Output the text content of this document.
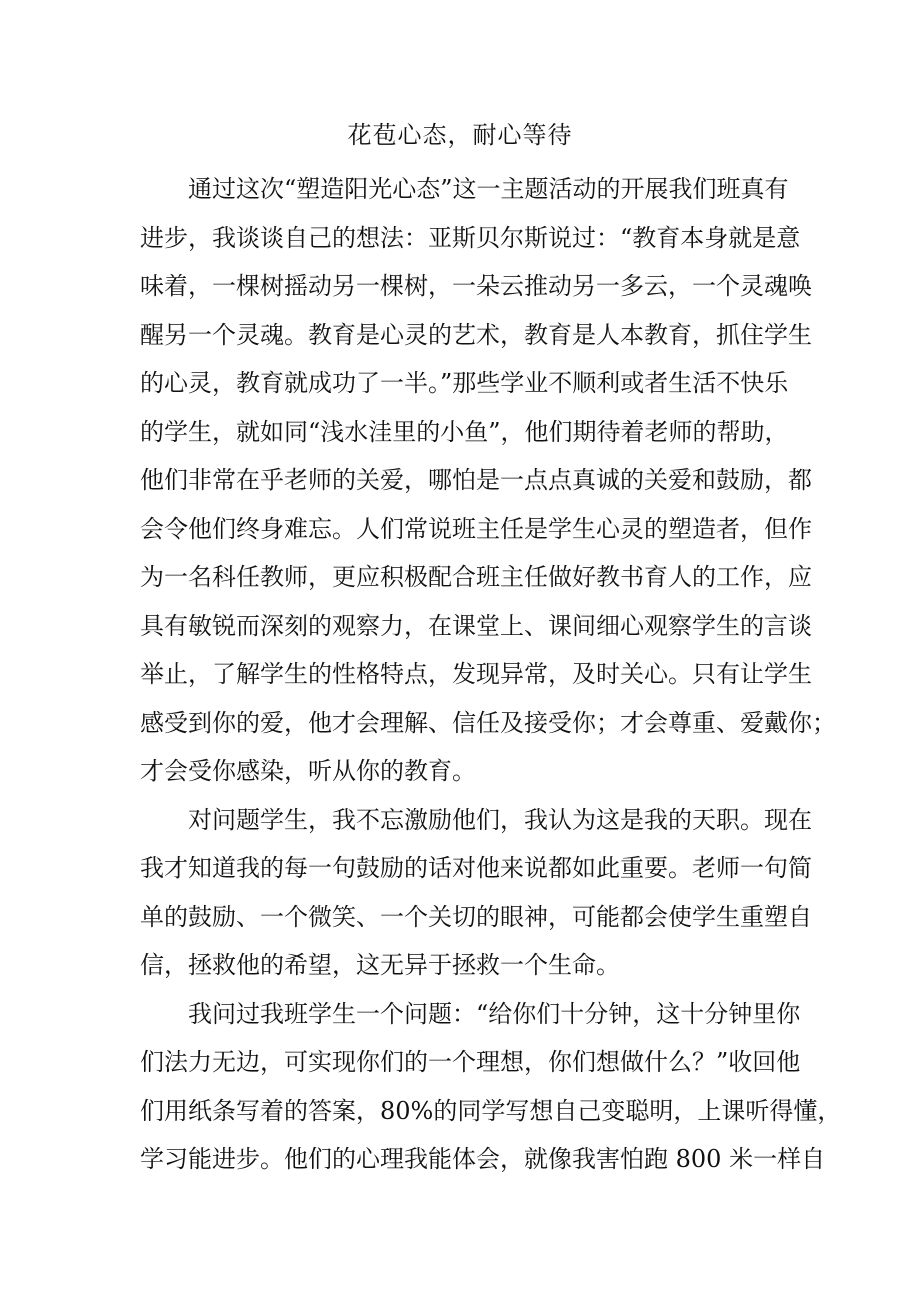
花苞心态，耐心等待
通过这次“塑造阳光心态”这一主题活动的开展我们班真有
进步，我谈谈自己的想法：亚斯贝尔斯说过：“教育本身就是意
味着，一棵树摇动另一棵树，一朵云推动另一多云，一个灵魂唤
醒另一个灵魂。教育是心灵的艺术，教育是人本教育，抓住学生
的心灵，教育就成功了一半。”那些学业不顺利或者生活不快乐
的学生，就如同“浅水洼里的小鱼”，他们期待着老师的帮助，
他们非常在乎老师的关爱，哪怕是一点点真诚的关爱和鼓励，都
会令他们终身难忘。人们常说班主任是学生心灵的塑造者，但作
为一名科任教师，更应积极配合班主任做好教书育人的工作，应
具有敏锐而深刻的观察力，在课堂上、课间细心观察学生的言谈
举止，了解学生的性格特点，发现异常，及时关心。只有让学生
感受到你的爱，他才会理解、信任及接受你；才会尊重、爱戴你；
才会受你感染，听从你的教育。
对问题学生，我不忘激励他们，我认为这是我的天职。现在
我才知道我的每一句鼓励的话对他来说都如此重要。老师一句简
单的鼓励、一个微笑、一个关切的眼神，可能都会使学生重塑自
信，拯救他的希望，这无异于拯救一个生命。
我问过我班学生一个问题：“给你们十分钟，这十分钟里你
们法力无边，可实现你们的一个理想，你们想做什么？”收回他
们用纸条写着的答案，80%的同学写想自己变聪明，上课听得懂，
学习能进步。他们的心理我能体会，就像我害怕跑 800 米一样自
